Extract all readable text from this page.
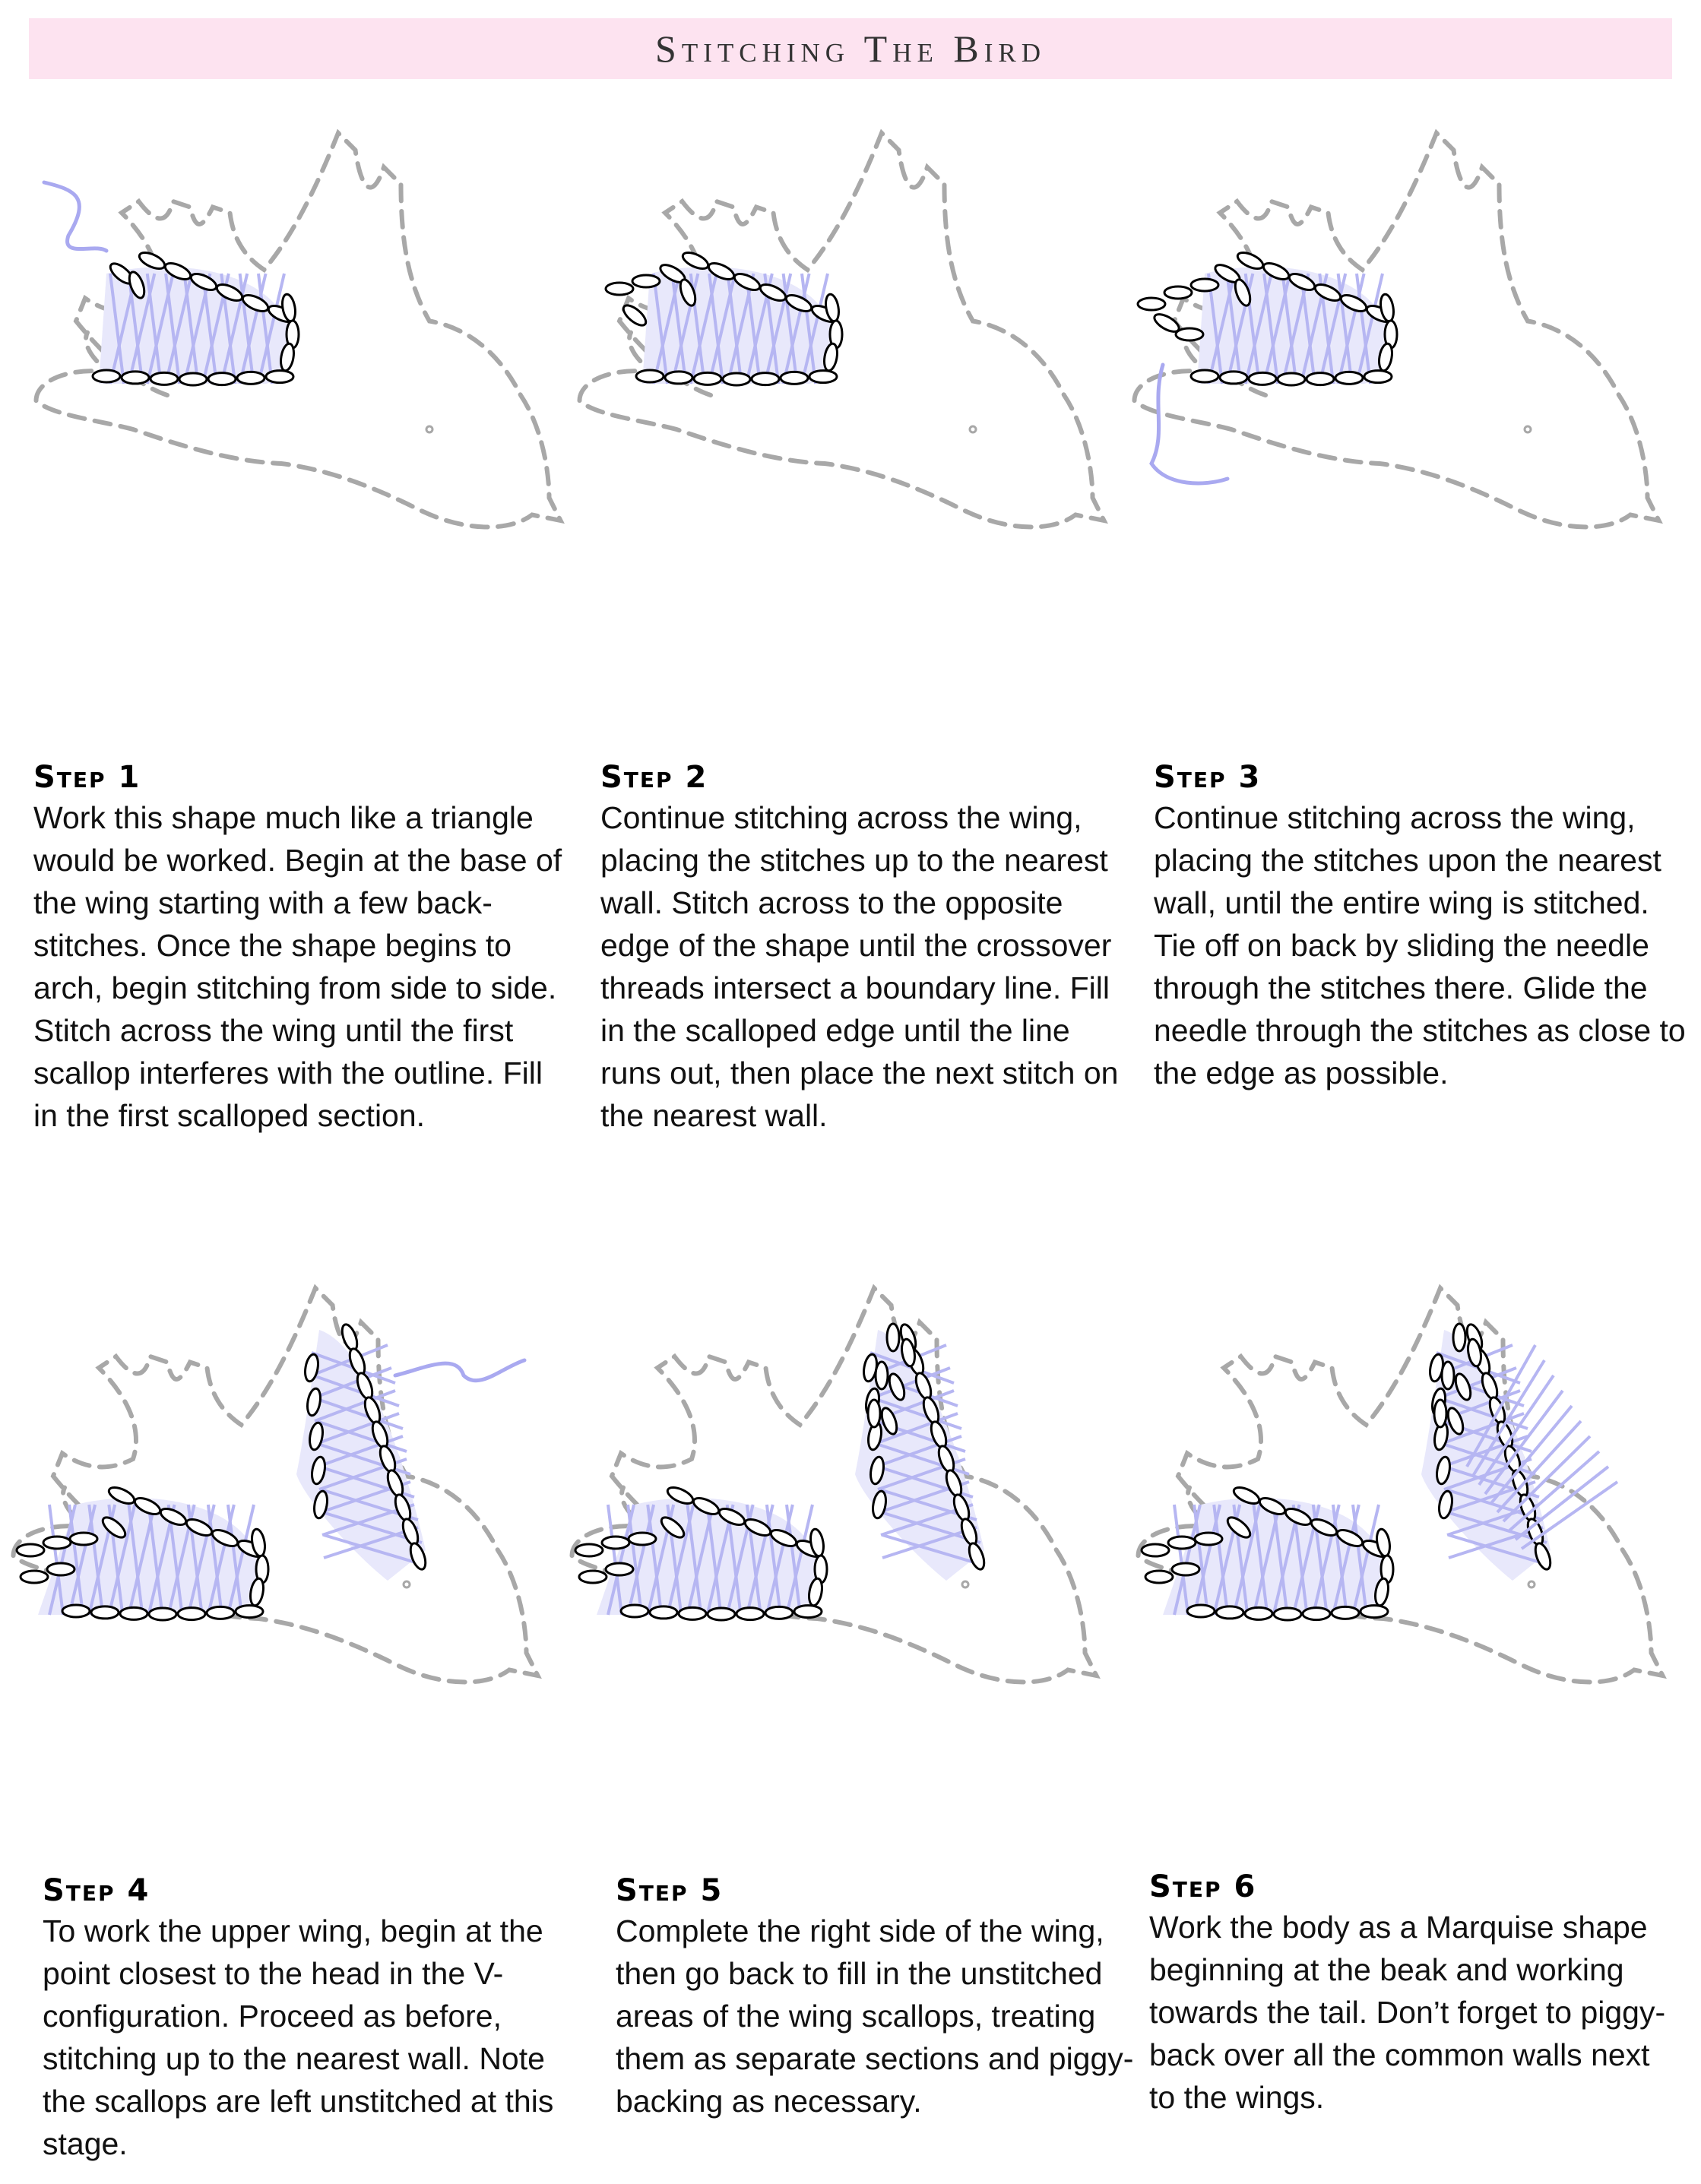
Stitching The Bird
Step 1

Work this shape much like a triangle would be worked. Begin at the base of the wing starting with a few back-stitches. Once the shape begins to arch, begin stitching from side to side. Stitch across the wing until the first scallop interferes with the outline. Fill in the first scalloped section.

Step 2

Continue stitching across the wing, placing the stitches up to the nearest wall. Stitch across to the opposite edge of the shape until the crossover threads intersect a boundary line. Fill in the scalloped edge until the line runs out, then place the next stitch on the nearest wall.

Step 3

Continue stitching across the wing, placing the stitches upon the nearest wall, until the entire wing is stitched. Tie off on back by sliding the needle through the stitches there. Glide the needle through the stitches as close to the edge as possible.

Step 4

To work the upper wing, begin at the point closest to the head in the V-configuration. Proceed as before, stitching up to the nearest wall. Note the scallops are left unstitched at this stage.

Step 5

Complete the right side of the wing, then go back to fill in the unstitched areas of the wing scallops, treating them as separate sections and piggy-backing as necessary.

Step 6

Work the body as a Marquise shape beginning at the beak and working towards the tail. Don’t forget to piggy-back over all the common walls next to the wings.
